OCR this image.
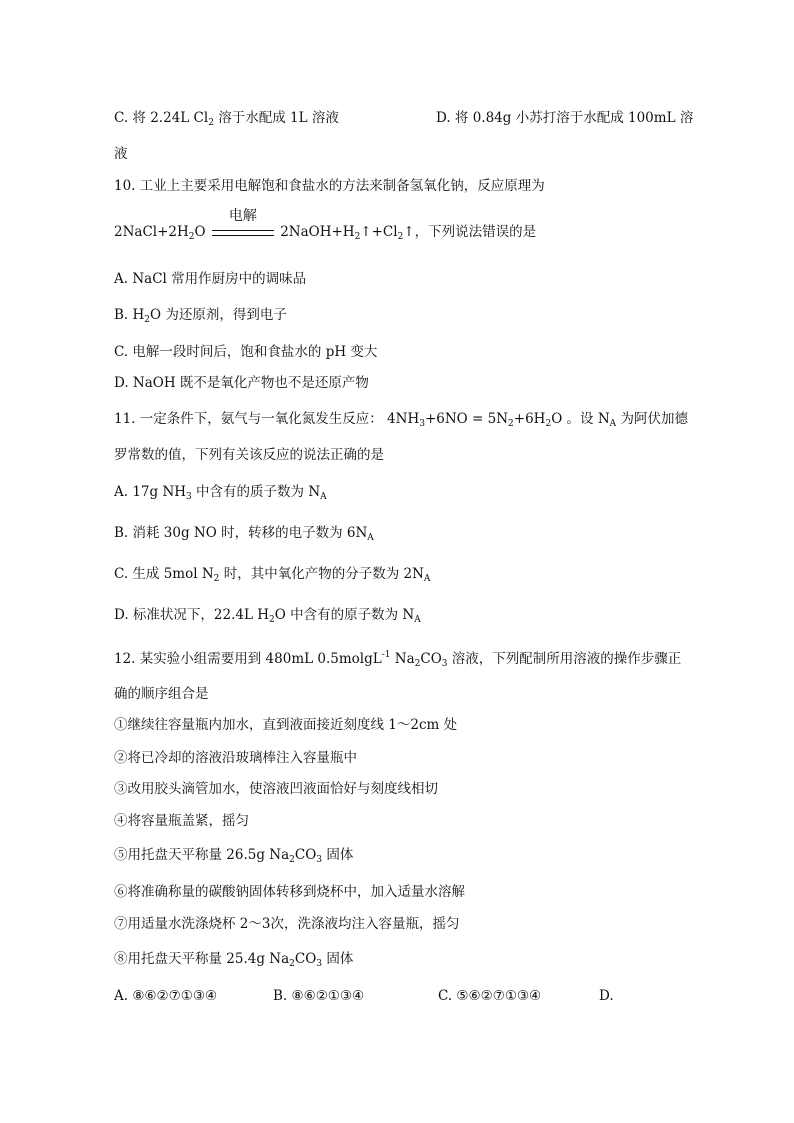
C. 将 2.24L $Cl_2$ 溶于水配成 1L 溶液	D. 将 0.84g 小苏打溶于水配成 100mL 溶
液
10. 工业上主要采用电解饱和食盐水的方法来制备氢氧化钠，反应原理为
$2NaCl+2H_2O$
电解
$2NaOH+H_2↑+Cl_2↑$，下列说法错误的是
A. NaCl 常用作厨房中的调味品
B. $H_2O$ 为还原剂，得到电子
C. 电解一段时间后，饱和食盐水的 pH 变大
D. NaOH 既不是氧化产物也不是还原产物
11. 一定条件下，氨气与一氧化氮发生反应： $4NH_3+6NO = 5N_2+6H_2O$ 。设 $N_A$ 为阿伏加德
罗常数的值，下列有关该反应的说法正确的是
A. 17g $NH_3$ 中含有的质子数为 $N_A$
B. 消耗 30g NO 时，转移的电子数为 $6N_A$
C. 生成 5mol $N_2$ 时，其中氧化产物的分子数为 $2N_A$
D. 标准状况下，22.4L $H_2O$ 中含有的原子数为 $N_A$
12. 某实验小组需要用到 480mL 0.5molgL$^{-1}$ $Na_2CO_3$ 溶液，下列配制所用溶液的操作步骤正
确的顺序组合是
①继续往容量瓶内加水，直到液面接近刻度线 1～2cm 处
②将已冷却的溶液沿玻璃棒注入容量瓶中
③改用胶头滴管加水，使溶液凹液面恰好与刻度线相切
④将容量瓶盖紧，摇匀
⑤用托盘天平称量 26.5g $Na_2CO_3$ 固体
⑥将准确称量的碳酸钠固体转移到烧杯中，加入适量水溶解
⑦用适量水洗涤烧杯 2～3次，洗涤液均注入容量瓶，摇匀
⑧用托盘天平称量 25.4g $Na_2CO_3$ 固体
A. ⑧⑥②⑦①③④	B. ⑧⑥②①③④	C. ⑤⑥②⑦①③④	D.
